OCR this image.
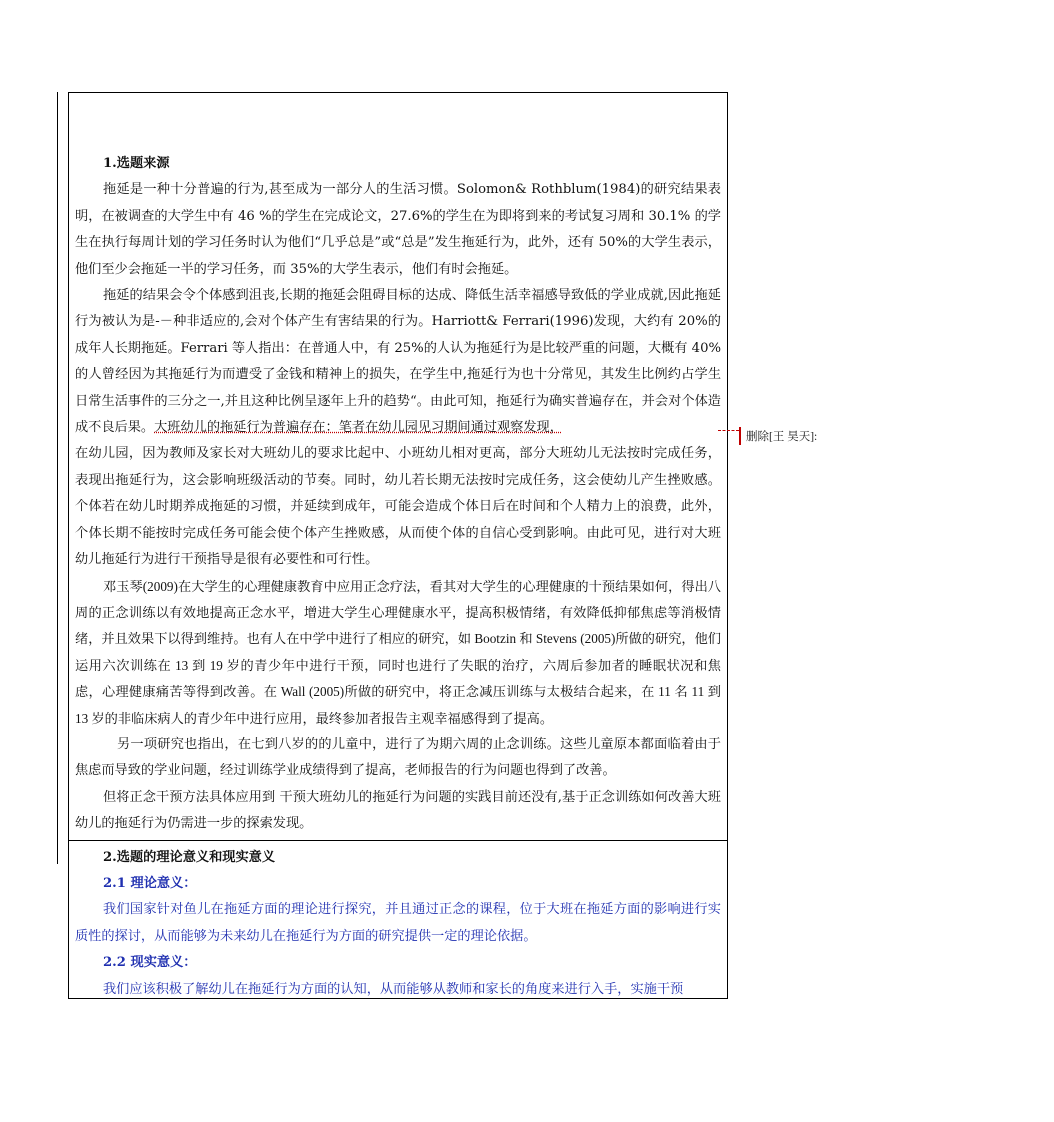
1.选题来源

拖延是一种十分普遍的行为,甚至成为一部分人的生活习惯。Solomon& Rothblum(1984)的研究结果表明，在被调查的大学生中有 46 %的学生在完成论文，27.6%的学生在为即将到来的考试复习周和 30.1% 的学生在执行每周计划的学习任务时认为他们“几乎总是”或“总是”发生拖延行为，此外，还有 50%的大学生表示，他们至少会拖延一半的学习任务，而 35%的大学生表示，他们有时会拖延。

拖延的结果会令个体感到沮丧,长期的拖延会阻碍目标的达成、降低生活幸福感导致低的学业成就,因此拖延行为被认为是-－种非适应的,会对个体产生有害结果的行为。Harriott& Ferrari(1996)发现，大约有 20%的成年人长期拖延。Ferrari 等人指出：在普通人中，有 25%的人认为拖延行为是比较严重的问题，大概有 40%的人曾经因为其拖延行为而遭受了金钱和精神上的损失，在学生中,拖延行为也十分常见，其发生比例约占学生日常生活事件的三分之一,并且这种比例呈逐年上升的趋势“。由此可知，拖延行为确实普遍存在，并会对个体造成不良后果。大班幼儿的拖延行为普遍存在：笔者在幼儿园见习期间通过观察发现，

在幼儿园，因为教师及家长对大班幼儿的要求比起中、小班幼儿相对更高，部分大班幼儿无法按时完成任务，表现出拖延行为，这会影响班级活动的节奏。同时，幼儿若长期无法按时完成任务，这会使幼儿产生挫败感。个体若在幼儿时期养成拖延的习惯，并延续到成年，可能会造成个体日后在时间和个人精力上的浪费，此外，个体长期不能按时完成任务可能会使个体产生挫败感，从而使个体的自信心受到影响。由此可见，进行对大班幼儿拖延行为进行干预指导是很有必要性和可行性。

邓玉琴(2009)在大学生的心理健康教育中应用正念疗法，看其对大学生的心理健康的十预结果如何，得出八周的正念训练以有效地提高正念水平，增进大学生心理健康水平，提高积极情绪，有效降低抑郁焦虑等消极情绪，并且效果下以得到维持。也有人在中学中进行了相应的研究，如 Bootzin 和 Stevens (2005)所做的研究，他们运用六次训练在 13 到 19 岁的青少年中进行干预，同时也进行了失眠的治疗，六周后参加者的睡眠状况和焦虑，心理健康痛苦等得到改善。在 Wall (2005)所做的研究中，将正念减压训练与太极结合起来，在 11 名 11 到 13 岁的非临床病人的青少年中进行应用，最终参加者报告主观幸福感得到了提高。

另一项研究也指出，在七到八岁的的儿童中，进行了为期六周的止念训练。这些儿童原本都面临着由于焦虑而导致的学业问题，经过训练学业成绩得到了提高，老师报告的行为问题也得到了改善。

但将正念干预方法具体应用到 干预大班幼儿的拖延行为问题的实践目前还没有,基于正念训练如何改善大班幼儿的拖延行为仍需进一步的探索发现。

2.选题的理论意义和现实意义

2.1 理论意义：

我们国家针对鱼儿在拖延方面的理论进行探究，并且通过正念的课程，位于大班在拖延方面的影响进行实质性的探讨，从而能够为未来幼儿在拖延行为方面的研究提供一定的理论依据。

2.2 现实意义：

我们应该积极了解幼儿在拖延行为方面的认知，从而能够从教师和家长的角度来进行入手，实施干预

删除[王 昊天]:
